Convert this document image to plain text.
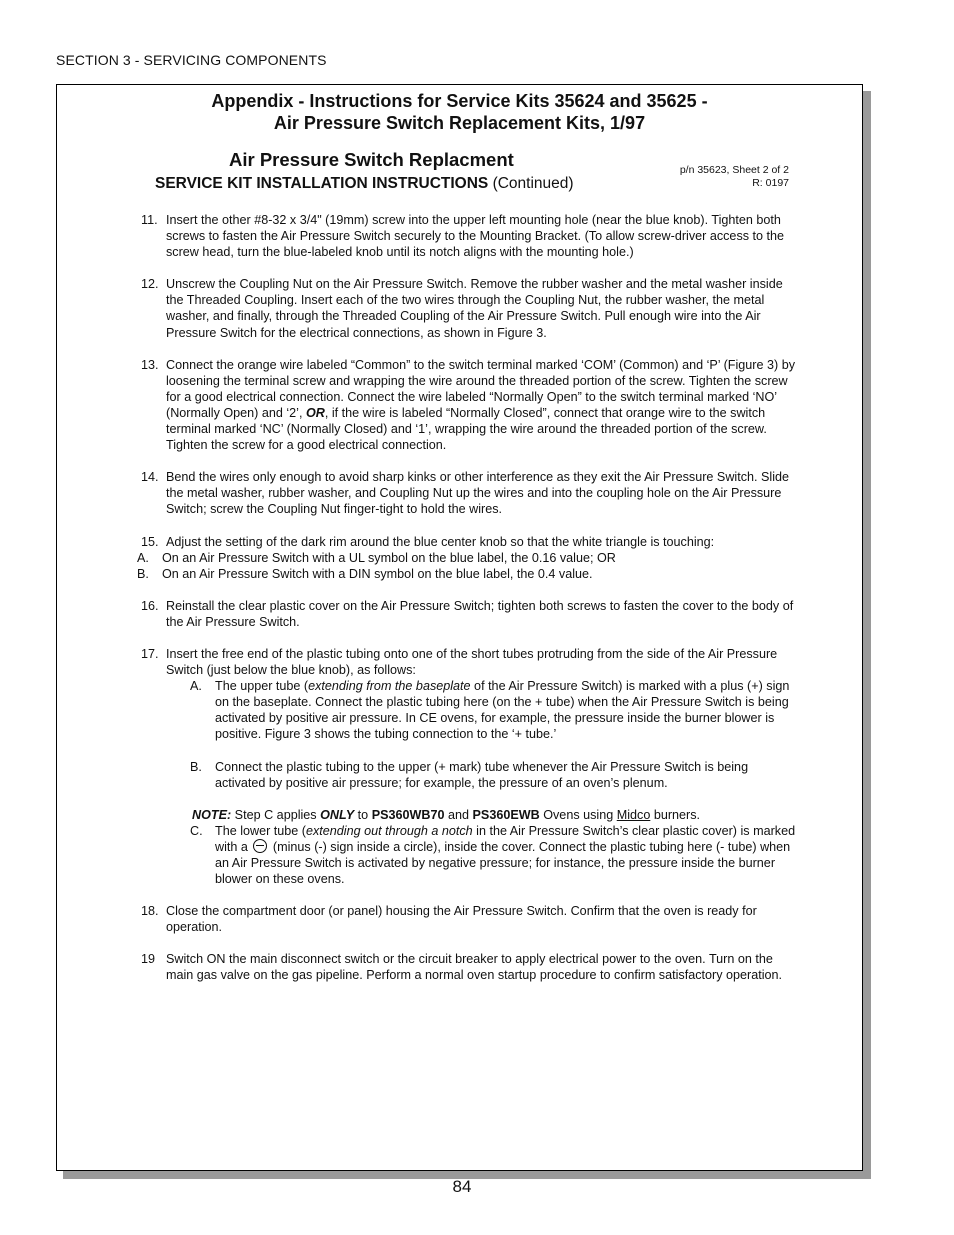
SECTION 3 - SERVICING COMPONENTS
Appendix - Instructions for Service Kits 35624 and 35625 -
Air Pressure Switch Replacement Kits, 1/97
Air Pressure Switch Replacment
SERVICE KIT INSTALLATION INSTRUCTIONS (Continued)
p/n 35623, Sheet 2 of 2
R: 0197
11. Insert the other #8-32 x 3/4" (19mm) screw into the upper left mounting hole (near the blue knob). Tighten both screws to fasten the Air Pressure Switch securely to the Mounting Bracket. (To allow screw-driver access to the screw head, turn the blue-labeled knob until its notch aligns with the mounting hole.)
12. Unscrew the Coupling Nut on the Air Pressure Switch. Remove the rubber washer and the metal washer inside the Threaded Coupling. Insert each of the two wires through the Coupling Nut, the rubber washer, the metal washer, and finally, through the Threaded Coupling of the Air Pressure Switch. Pull enough wire into the Air Pressure Switch for the electrical connections, as shown in Figure 3.
13. Connect the orange wire labeled “Common” to the switch terminal marked ‘COM’ (Common) and ‘P’ (Figure 3) by loosening the terminal screw and wrapping the wire around the threaded portion of the screw. Tighten the screw for a good electrical connection. Connect the wire labeled “Normally Open” to the switch terminal marked ‘NO’ (Normally Open) and ‘2’, OR, if the wire is labeled “Normally Closed”, connect that orange wire to the switch terminal marked ‘NC’ (Normally Closed) and ‘1’, wrapping the wire around the threaded portion of the screw. Tighten the screw for a good electrical connection.
14. Bend the wires only enough to avoid sharp kinks or other interference as they exit the Air Pressure Switch. Slide the metal washer, rubber washer, and Coupling Nut up the wires and into the coupling hole on the Air Pressure Switch; screw the Coupling Nut finger-tight to hold the wires.
15. Adjust the setting of the dark rim around the blue center knob so that the white triangle is touching:
A. On an Air Pressure Switch with a UL symbol on the blue label, the 0.16 value; OR
B. On an Air Pressure Switch with a DIN symbol on the blue label, the 0.4 value.
16. Reinstall the clear plastic cover on the Air Pressure Switch; tighten both screws to fasten the cover to the body of the Air Pressure Switch.
17. Insert the free end of the plastic tubing onto one of the short tubes protruding from the side of the Air Pressure Switch (just below the blue knob), as follows:
A. The upper tube (extending from the baseplate of the Air Pressure Switch) is marked with a plus (+) sign on the baseplate. Connect the plastic tubing here (on the + tube) when the Air Pressure Switch is being activated by positive air pressure. In CE ovens, for example, the pressure inside the burner blower is positive. Figure 3 shows the tubing connection to the ‘+ tube.’
B. Connect the plastic tubing to the upper (+ mark) tube whenever the Air Pressure Switch is being activated by positive air pressure; for example, the pressure of an oven’s plenum.
NOTE: Step C applies ONLY to PS360WB70 and PS360EWB Ovens using Midco burners.
C. The lower tube (extending out through a notch in the Air Pressure Switch’s clear plastic cover) is marked with a  (minus (-) sign inside a circle), inside the cover. Connect the plastic tubing here (- tube) when an Air Pressure Switch is activated by negative pressure; for instance, the pressure inside the burner blower on these ovens.
18. Close the compartment door (or panel) housing the Air Pressure Switch. Confirm that the oven is ready for operation.
19 Switch ON the main disconnect switch or the circuit breaker to apply electrical power to the oven. Turn on the main gas valve on the gas pipeline. Perform a normal oven startup procedure to confirm satisfactory operation.
84
